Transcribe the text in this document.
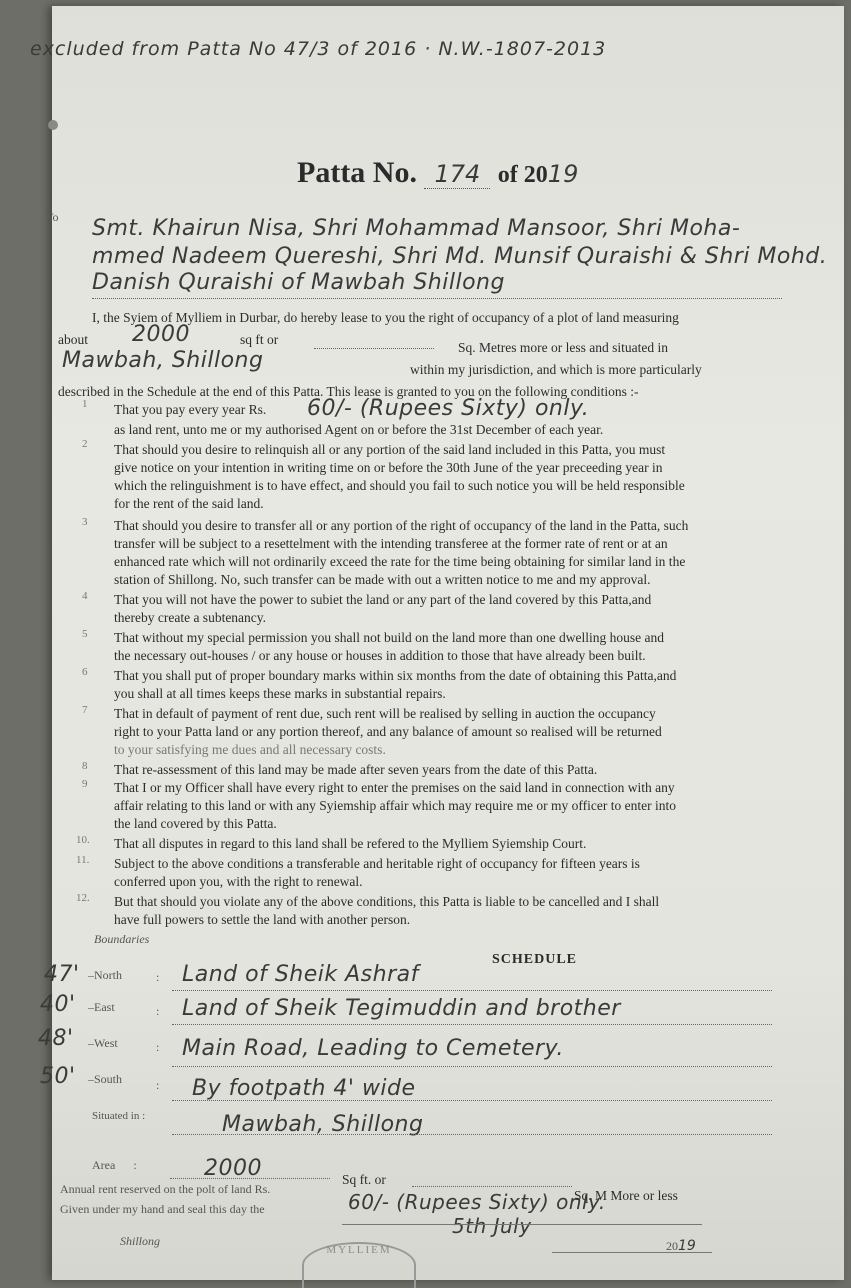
excluded from Patta No 47/3 of 2016 · N.W.-1807-2013
Patta No. 174 of 2019
To Smt. Khairun Nisa, Shri Mohammad Mansoor, Shri Moha-
mmed Nadeem Quereshi, Shri Md. Munsif Quraishi & Shri Mohd.
Danish Quraishi of Mawbah Shillong
I, the Syiem of Mylliem in Durbar, do hereby lease to you the right of occupancy of a plot of land measuring
about 2000	sq ft or
Sq. Metres more or less and situated in
Mawbah, Shillong	within my jurisdiction, and which is more particularly
described in the Schedule at the end of this Patta. This lease is granted to you on the following conditions :-
1 That you pay every year Rs. 60/- (Rupees Sixty) only.
as land rent, unto me or my authorised Agent on or before the 31st December of each year.
2 That should you desire to relinquish all or any portion of the said land included in this Patta, you must
give notice on your intention in writing time on or before the 30th June of the year preceeding year in
which the relinguishment is to have effect, and should you fail to such notice you will be held responsible
for the rent of the said land.
3 That should you desire to transfer all or any portion of the right of occupancy of the land in the Patta, such
transfer will be subject to a resettelment with the intending transferee at the former rate of rent or at an
enhanced rate which will not ordinarily exceed the rate for the time being obtaining for similar land in the
station of Shillong. No, such transfer can be made with out a written notice to me and my approval.
4 That you will not have the power to subiet the land or any part of the land covered by this Patta,and
thereby create a subtenancy.
5 That without my special permission you shall not build on the land more than one dwelling house and
the necessary out-houses / or any house or houses in addition to those that have already been built.
6 That you shall put of proper boundary marks within six months from the date of obtaining this Patta,and
you shall at all times keeps these marks in substantial repairs.
7 That in default of payment of rent due, such rent will be realised by selling in auction the occupancy
right to your Patta land or any portion thereof, and any balance of amount so realised will be returned
to your satisfying me dues and all necessary costs.
8 That re-assessment of this land may be made after seven years from the date of this Patta.
9 That I or my Officer shall have every right to enter the premises on the said land in connection with any
affair relating to this land or with any Syiemship affair which may require me or my officer to enter into
the land covered by this Patta.
10. That all disputes in regard to this land shall be refered to the Mylliem Syiemship Court.
11. Subject to the above conditions a transferable and heritable right of occupancy for fifteen years is
conferred upon you, with the right to renewal.
12. But that should you violate any of the above conditions, this Patta is liable to be cancelled and I shall
have full powers to settle the land with another person.
Boundaries
SCHEDULE
47' –North	: Land of Sheik Ashraf
40' –East	: Land of Sheik Tegimuddin and brother
48' –West	: Main Road, Leading to Cemetery.
50' –South	: By footpath 4' wide
Situated in :	Mawbah, Shillong
Area      :	2000	Sq ft. or
Sq. M More or less
Annual rent reserved on the polt of land Rs.
60/- (Rupees Sixty) only.
Given under my hand and seal this day the
5th July
Shillong	2019
MYLLIEM
